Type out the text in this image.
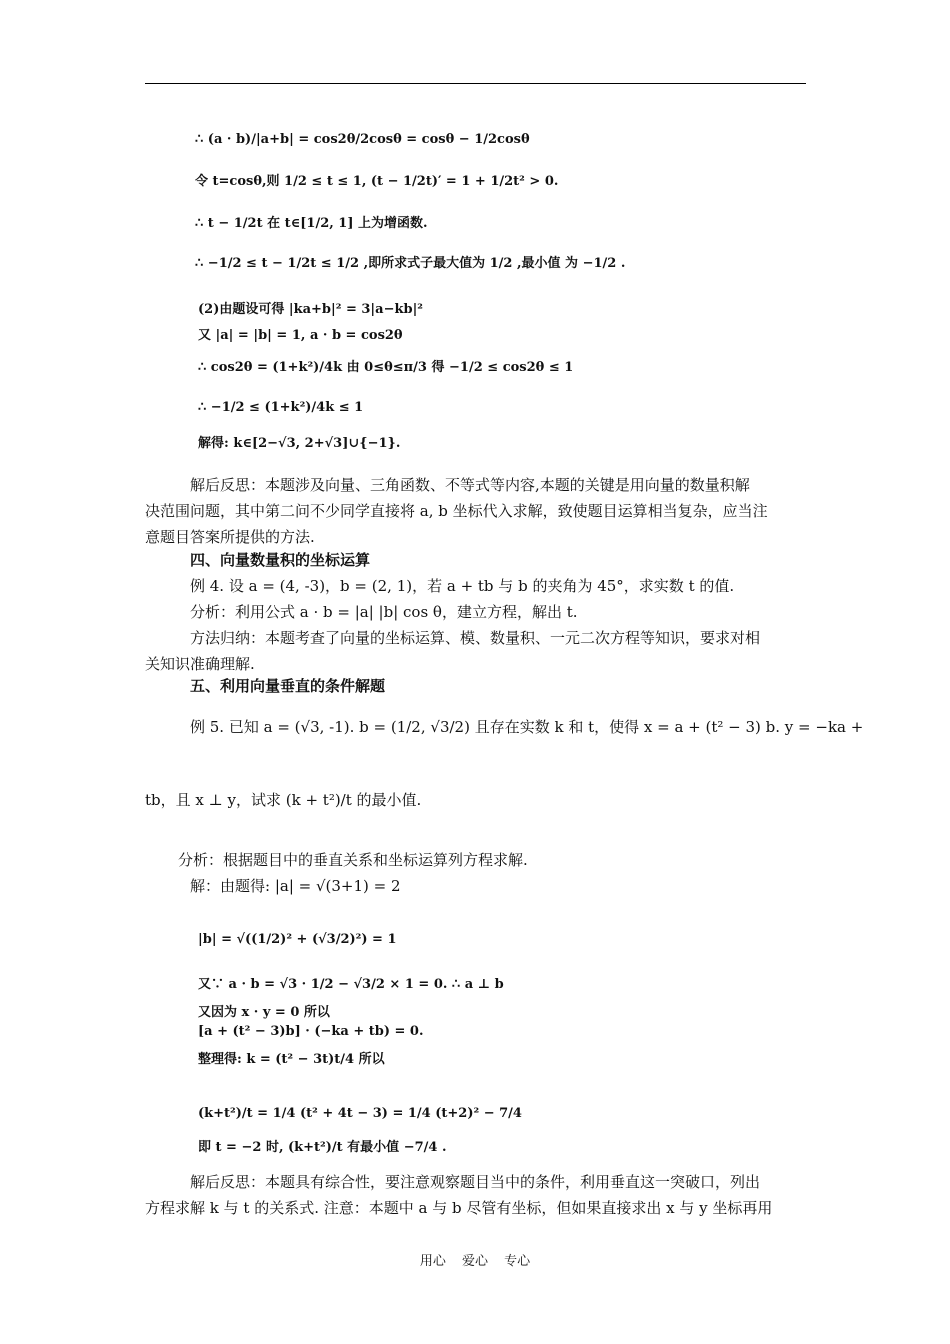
∴ (a · b)/|a+b| = cos2θ/2cosθ = cosθ − 1/2cosθ
令 t=cosθ,则 1/2 ≤ t ≤ 1, (t − 1/2t)′ = 1 + 1/2t² > 0.
∴ t − 1/2t 在 t∈[1/2, 1] 上为增函数.
∴ −1/2 ≤ t − 1/2t ≤ 1/2 ,即所求式子最大值为 1/2 ,最小值 为 −1/2 .
(2)由题设可得 |ka+b|² = 3|a−kb|²
又 |a| = |b| = 1, a · b = cos2θ
∴ cos2θ = (1+k²)/4k 由 0≤θ≤π/3 得 −1/2 ≤ cos2θ ≤ 1
∴ −1/2 ≤ (1+k²)/4k ≤ 1
解得: k∈[2−√3, 2+√3]∪{−1}.
解后反思：本题涉及向量、三角函数、不等式等内容,本题的关键是用向量的数量积解
决范围问题，其中第二问不少同学直接将 a, b 坐标代入求解，致使题目运算相当复杂，应当注
意题目答案所提供的方法.
四、向量数量积的坐标运算
例 4. 设 a = (4, -3)，b = (2, 1)，若 a + tb 与 b 的夹角为 45°，求实数 t 的值.
分析：利用公式 a · b = |a| |b| cos θ，建立方程，解出 t.
方法归纳：本题考查了向量的坐标运算、模、数量积、一元二次方程等知识，要求对相
关知识准确理解.
五、利用向量垂直的条件解题
例 5. 已知 a = (√3, -1). b = (1/2, √3/2) 且存在实数 k 和 t，使得 x = a + (t² − 3) b. y = −ka +
tb，且 x ⊥ y，试求 (k + t²)/t 的最小值.
分析：根据题目中的垂直关系和坐标运算列方程求解.
解：由题得: |a| = √(3+1) = 2
|b| = √((1/2)² + (√3/2)²) = 1
又∵ a · b = √3 · 1/2 − √3/2 × 1 = 0. ∴ a ⊥ b
又因为 x · y = 0 所以
[a + (t² − 3)b] · (−ka + tb) = 0.
整理得: k = (t² − 3t)t/4 所以
(k+t²)/t = 1/4 (t² + 4t − 3) = 1/4 (t+2)² − 7/4
即 t = −2 时, (k+t²)/t 有最小值 −7/4 .
解后反思：本题具有综合性，要注意观察题目当中的条件，利用垂直这一突破口，列出
方程求解 k 与 t 的关系式. 注意：本题中 a 与 b 尽管有坐标，但如果直接求出 x 与 y 坐标再用
用心 爱心 专心
